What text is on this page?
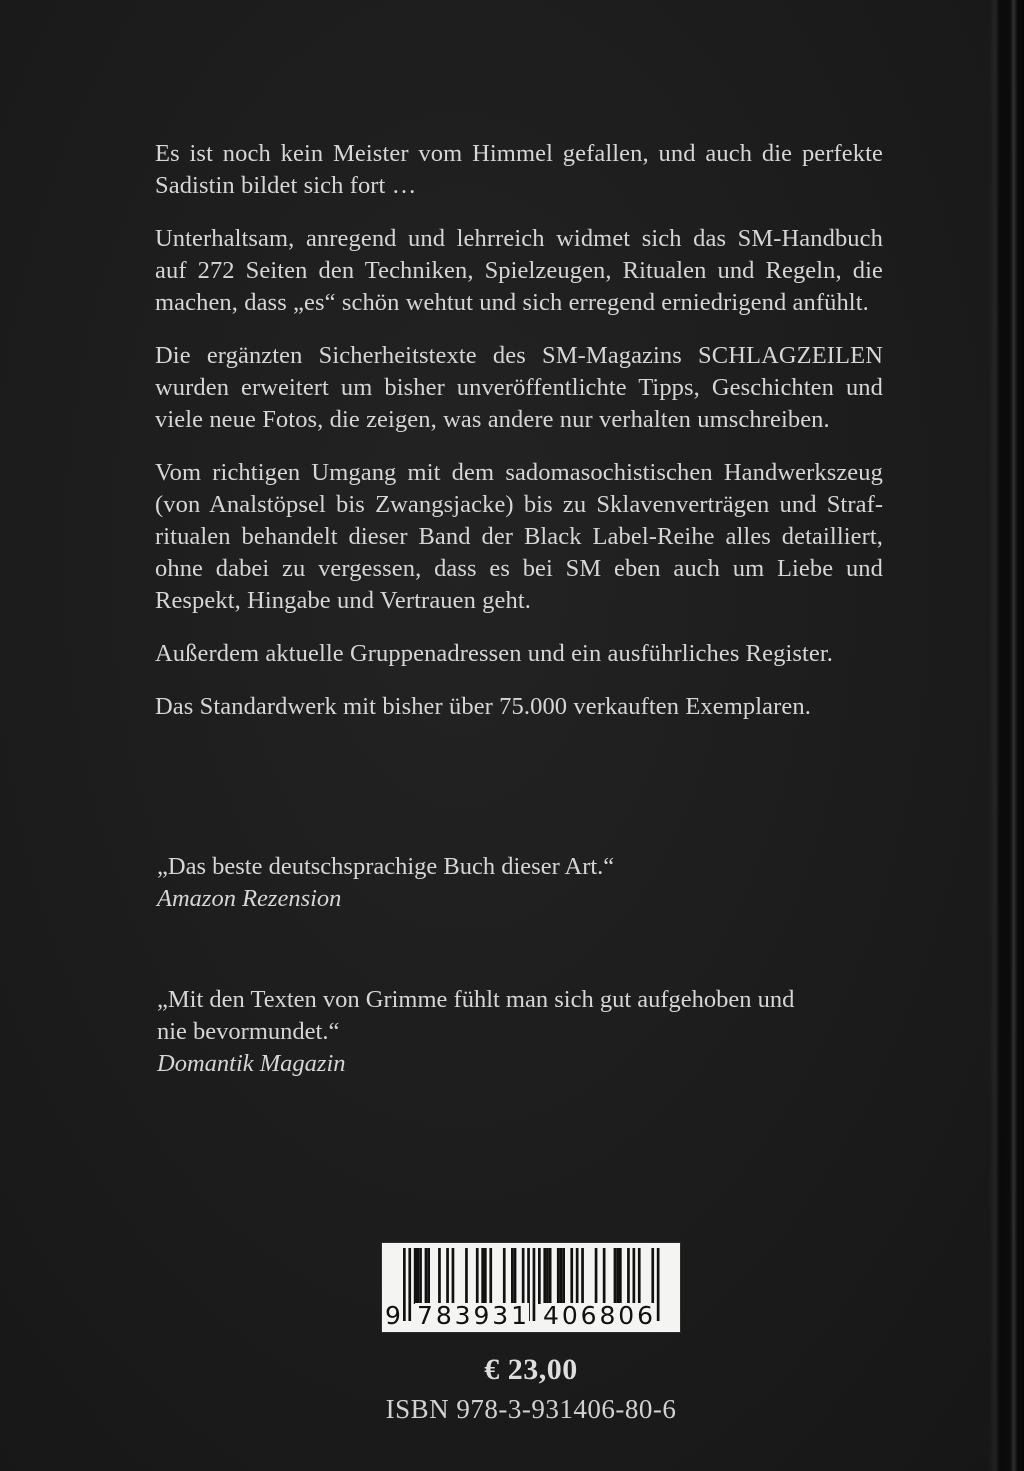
Es ist noch kein Meister vom Himmel gefallen, und auch die perfekte Sadistin bildet sich fort …

Unterhaltsam, anregend und lehrreich widmet sich das SM-Handbuch auf 272 Seiten den Techniken, Spielzeugen, Ritualen und Regeln, die machen, dass „es“ schön wehtut und sich erregend erniedrigend anfühlt.

Die ergänzten Sicherheitstexte des SM-Magazins SCHLAGZEILEN wurden erweitert um bisher unveröffentlichte Tipps, Geschichten und viele neue Fotos, die zeigen, was andere nur verhalten umschreiben.

Vom richtigen Umgang mit dem sadomasochistischen Handwerkszeug (von Analstöpsel bis Zwangsjacke) bis zu Sklavenverträgen und Strafritualen behandelt dieser Band der Black Label-Reihe alles detailliert, ohne dabei zu vergessen, dass es bei SM eben auch um Liebe und Respekt, Hingabe und Vertrauen geht.

Außerdem aktuelle Gruppenadressen und ein ausführliches Register.

Das Standardwerk mit bisher über 75.000 verkauften Exemplaren.

„Das beste deutschsprachige Buch dieser Art.“

Amazon Rezension

„Mit den Texten von Grimme fühlt man sich gut aufgehoben und nie bevormundet.“

Domantik Magazin

9 7 8 3 9 3 1 4 0 6 8 0 6
€ 23,00
ISBN 978-3-931406-80-6
